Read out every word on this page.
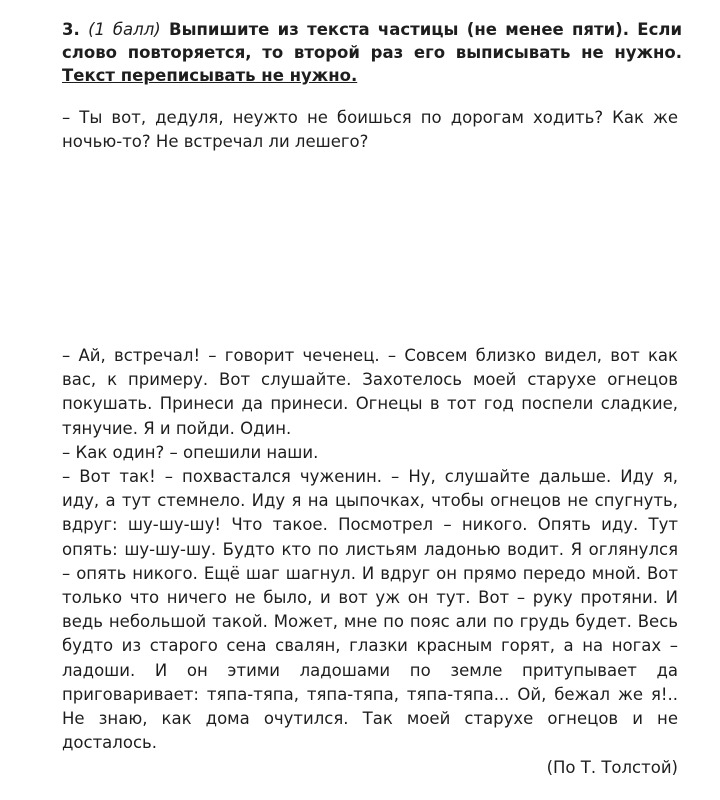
3. (1 балл) Выпишите из текста частицы (не менее пяти). Если слово повторяется, то второй раз его выписывать не нужно. Текст переписывать не нужно.

– Ты вот, дедуля, неужто не боишься по дорогам ходить? Как же ночью-то? Не встречал ли лешего?

– Ай, встречал! – говорит чеченец. – Совсем близко видел, вот как вас, к примеру. Вот слушайте. Захотелось моей старухе огнецов покушать. Принеси да принеси. Огнецы в тот год поспели сладкие, тянучие. Я и пойди. Один.

– Как один? – опешили наши.

– Вот так! – похвастался чуженин. – Ну, слушайте дальше. Иду я, иду, а тут стемнело. Иду я на цыпочках, чтобы огнецов не спугнуть, вдруг: шу-шу-шу! Что такое. Посмотрел – никого. Опять иду. Тут опять: шу-шу-шу. Будто кто по листьям ладонью водит. Я оглянулся – опять никого. Ещё шаг шагнул. И вдруг он прямо передо мной. Вот только что ничего не было, и вот уж он тут. Вот – руку протяни. И ведь небольшой такой. Может, мне по пояс али по грудь будет. Весь будто из старого сена свалян, глазки красным горят, а на ногах – ладоши. И он этими ладошами по земле притупывает да приговаривает: тяпа-тяпа, тяпа-тяпа, тяпа-тяпа... Ой, бежал же я!.. Не знаю, как дома очутился. Так моей старухе огнецов и не досталось.

(По Т. Толстой)
